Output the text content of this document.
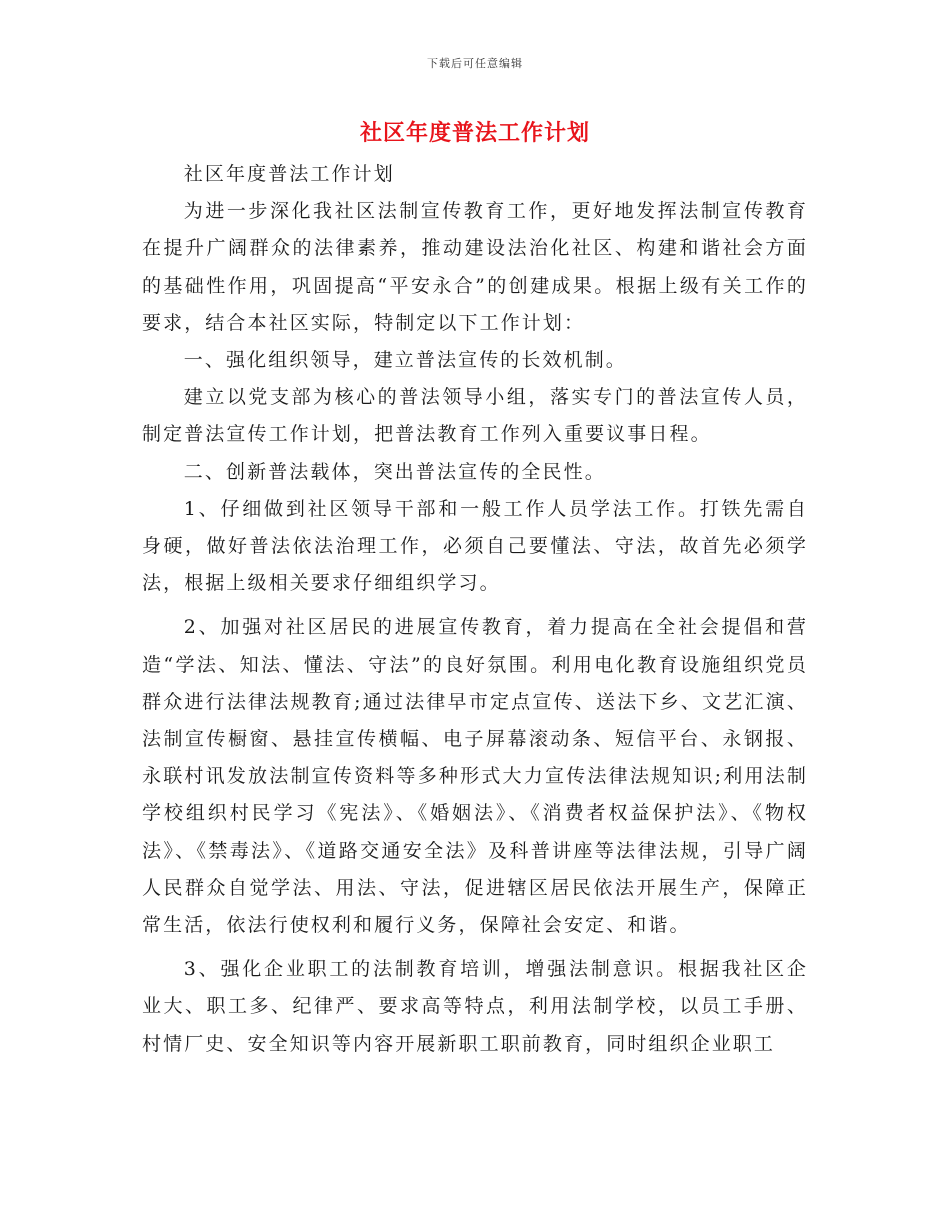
下载后可任意编辑
社区年度普法工作计划

社区年度普法工作计划

为进一步深化我社区法制宣传教育工作，更好地发挥法制宣传教育在提升广阔群众的法律素养，推动建设法治化社区、构建和谐社会方面的基础性作用，巩固提高“平安永合”的创建成果。根据上级有关工作的要求，结合本社区实际，特制定以下工作计划：

一、强化组织领导，建立普法宣传的长效机制。

建立以党支部为核心的普法领导小组，落实专门的普法宣传人员，制定普法宣传工作计划，把普法教育工作列入重要议事日程。

二、创新普法载体，突出普法宣传的全民性。

1、仔细做到社区领导干部和一般工作人员学法工作。打铁先需自身硬，做好普法依法治理工作，必须自己要懂法、守法，故首先必须学法，根据上级相关要求仔细组织学习。

2、加强对社区居民的进展宣传教育，着力提高在全社会提倡和营造“学法、知法、懂法、守法”的良好氛围。利用电化教育设施组织党员群众进行法律法规教育;通过法律早市定点宣传、送法下乡、文艺汇演、法制宣传橱窗、悬挂宣传横幅、电子屏幕滚动条、短信平台、永钢报、永联村讯发放法制宣传资料等多种形式大力宣传法律法规知识;利用法制学校组织村民学习《宪法》、《婚姻法》、《消费者权益保护法》、《物权法》、《禁毒法》、《道路交通安全法》及科普讲座等法律法规，引导广阔人民群众自觉学法、用法、守法，促进辖区居民依法开展生产，保障正常生活，依法行使权利和履行义务，保障社会安定、和谐。

3、强化企业职工的法制教育培训，增强法制意识。根据我社区企业大、职工多、纪律严、要求高等特点，利用法制学校，以员工手册、村情厂史、安全知识等内容开展新职工职前教育，同时组织企业职工
